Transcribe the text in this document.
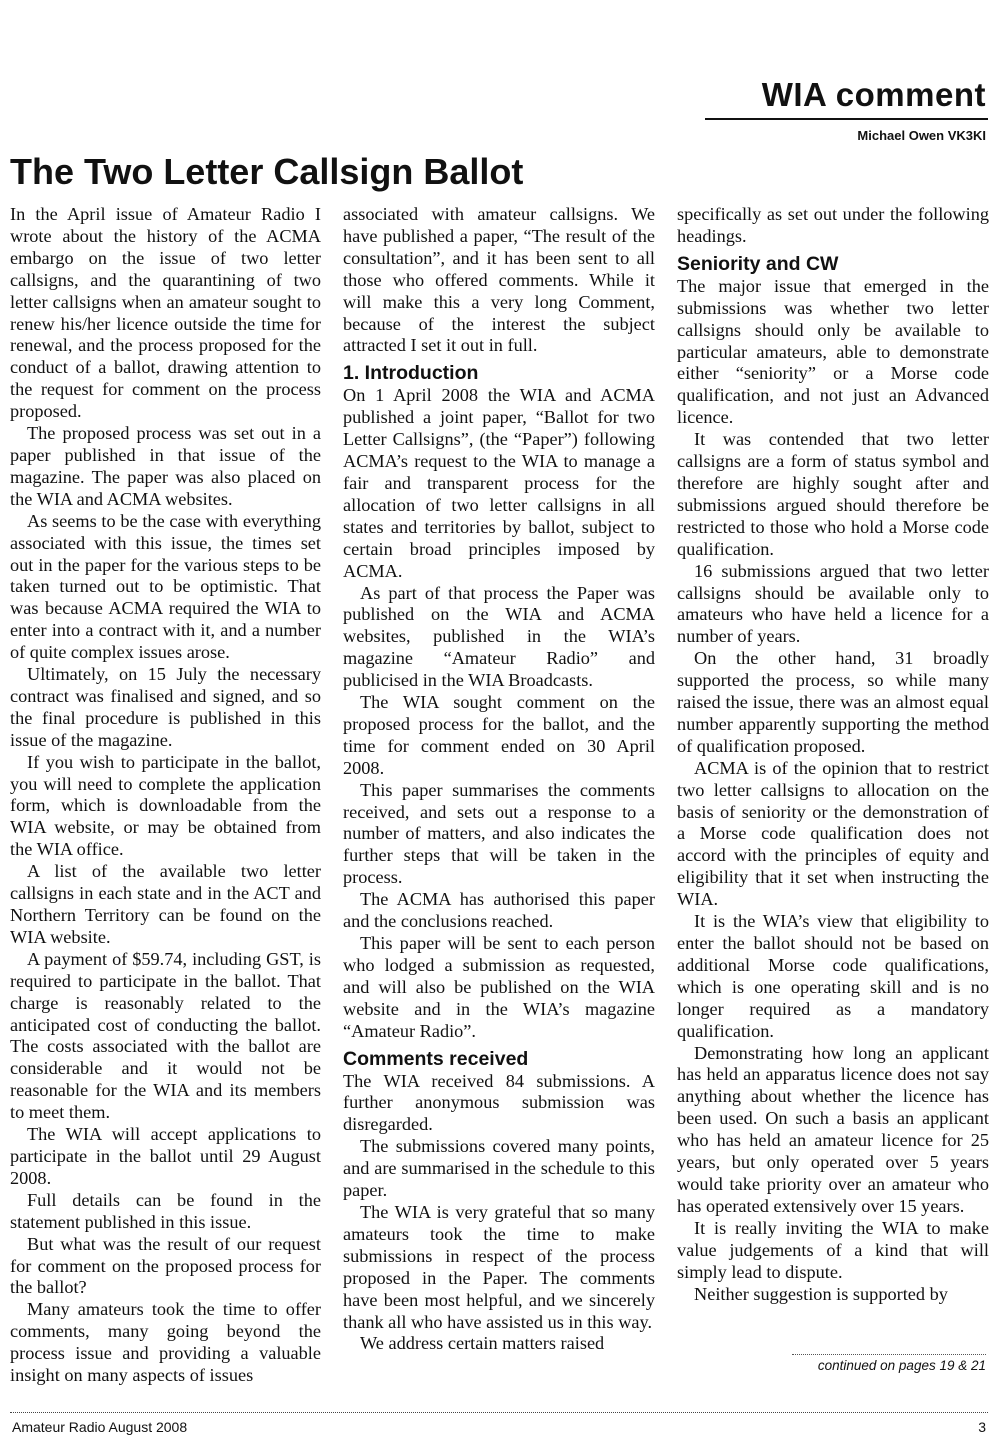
WIA comment
Michael Owen VK3KI
The Two Letter Callsign Ballot

In the April issue of Amateur Radio I wrote about the history of the ACMA embargo on the issue of two letter callsigns, and the quarantining of two letter callsigns when an amateur sought to renew his/her licence outside the time for renewal, and the process proposed for the conduct of a ballot, drawing attention to the request for comment on the process proposed.

The proposed process was set out in a paper published in that issue of the magazine. The paper was also placed on the WIA and ACMA websites.

As seems to be the case with everything associated with this issue, the times set out in the paper for the various steps to be taken turned out to be optimistic. That was because ACMA required the WIA to enter into a contract with it, and a number of quite complex issues arose.

Ultimately, on 15 July the necessary contract was finalised and signed, and so the final procedure is published in this issue of the magazine.

If you wish to participate in the ballot, you will need to complete the application form, which is downloadable from the WIA website, or may be obtained from the WIA office.

A list of the available two letter callsigns in each state and in the ACT and Northern Territory can be found on the WIA website.

A payment of $59.74, including GST, is required to participate in the ballot. That charge is reasonably related to the anticipated cost of conducting the ballot. The costs associated with the ballot are considerable and it would not be reasonable for the WIA and its members to meet them.

The WIA will accept applications to participate in the ballot until 29 August 2008.

Full details can be found in the statement published in this issue.

But what was the result of our request for comment on the proposed process for the ballot?

Many amateurs took the time to offer comments, many going beyond the process issue and providing a valuable insight on many aspects of issues

associated with amateur callsigns. We have published a paper, “The result of the consultation”, and it has been sent to all those who offered comments. While it will make this a very long Comment, because of the interest the subject attracted I set it out in full.

1. Introduction

On 1 April 2008 the WIA and ACMA published a joint paper, “Ballot for two Letter Callsigns”, (the “Paper”) following ACMA’s request to the WIA to manage a fair and transparent process for the allocation of two letter callsigns in all states and territories by ballot, subject to certain broad principles imposed by ACMA.

As part of that process the Paper was published on the WIA and ACMA websites, published in the WIA’s magazine “Amateur Radio” and publicised in the WIA Broadcasts.

The WIA sought comment on the proposed process for the ballot, and the time for comment ended on 30 April 2008.

This paper summarises the comments received, and sets out a response to a number of matters, and also indicates the further steps that will be taken in the process.

The ACMA has authorised this paper and the conclusions reached.

This paper will be sent to each person who lodged a submission as requested, and will also be published on the WIA website and in the WIA’s magazine “Amateur Radio”.

Comments received

The WIA received 84 submissions. A further anonymous submission was disregarded.

The submissions covered many points, and are summarised in the schedule to this paper.

The WIA is very grateful that so many amateurs took the time to make submissions in respect of the process proposed in the Paper. The comments have been most helpful, and we sincerely thank all who have assisted us in this way.

We address certain matters raised

specifically as set out under the following headings.

Seniority and CW

The major issue that emerged in the submissions was whether two letter callsigns should only be available to particular amateurs, able to demonstrate either “seniority” or a Morse code qualification, and not just an Advanced licence.

It was contended that two letter callsigns are a form of status symbol and therefore are highly sought after and submissions argued should therefore be restricted to those who hold a Morse code qualification.

16 submissions argued that two letter callsigns should be available only to amateurs who have held a licence for a number of years.

On the other hand, 31 broadly supported the process, so while many raised the issue, there was an almost equal number apparently supporting the method of qualification proposed.

ACMA is of the opinion that to restrict two letter callsigns to allocation on the basis of seniority or the demonstration of a Morse code qualification does not accord with the principles of equity and eligibility that it set when instructing the WIA.

It is the WIA’s view that eligibility to enter the ballot should not be based on additional Morse code qualifications, which is one operating skill and is no longer required as a mandatory qualification.

Demonstrating how long an applicant has held an apparatus licence does not say anything about whether the licence has been used. On such a basis an applicant who has held an amateur licence for 25 years, but only operated over 5 years would take priority over an amateur who has operated extensively over 15 years.

It is really inviting the WIA to make value judgements of a kind that will simply lead to dispute.

Neither suggestion is supported by

continued on pages 19 & 21
Amateur Radio August 2008	3
